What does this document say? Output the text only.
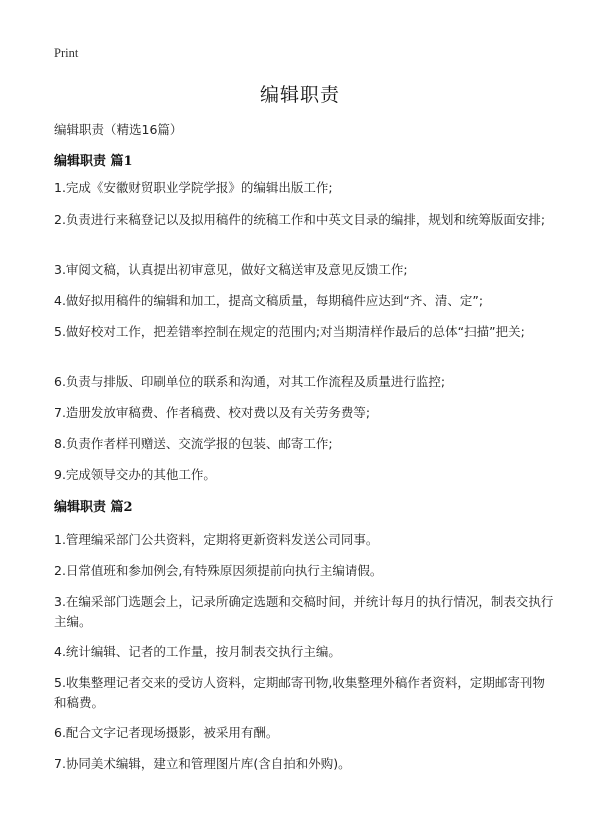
Print
编辑职责
编辑职责（精选16篇）
编辑职责 篇1

1.完成《安徽财贸职业学院学报》的编辑出版工作;

2.负责进行来稿登记以及拟用稿件的统稿工作和中英文目录的编排，规划和统筹版面安排;

3.审阅文稿，认真提出初审意见，做好文稿送审及意见反馈工作;

4.做好拟用稿件的编辑和加工，提高文稿质量，每期稿件应达到“齐、清、定”;

5.做好校对工作，把差错率控制在规定的范围内;对当期清样作最后的总体“扫描”把关;

6.负责与排版、印刷单位的联系和沟通，对其工作流程及质量进行监控;

7.造册发放审稿费、作者稿费、校对费以及有关劳务费等;

8.负责作者样刊赠送、交流学报的包装、邮寄工作;

9.完成领导交办的其他工作。

编辑职责 篇2

1.管理编采部门公共资料，定期将更新资料发送公司同事。

2.日常值班和参加例会,有特殊原因须提前向执行主编请假。

3.在编采部门选题会上，记录所确定选题和交稿时间，并统计每月的执行情况，制表交执行主编。

4.统计编辑、记者的工作量，按月制表交执行主编。

5.收集整理记者交来的受访人资料，定期邮寄刊物,收集整理外稿作者资料，定期邮寄刊物和稿费。

6.配合文字记者现场摄影，被采用有酬。

7.协同美术编辑，建立和管理图片库(含自拍和外购)。
